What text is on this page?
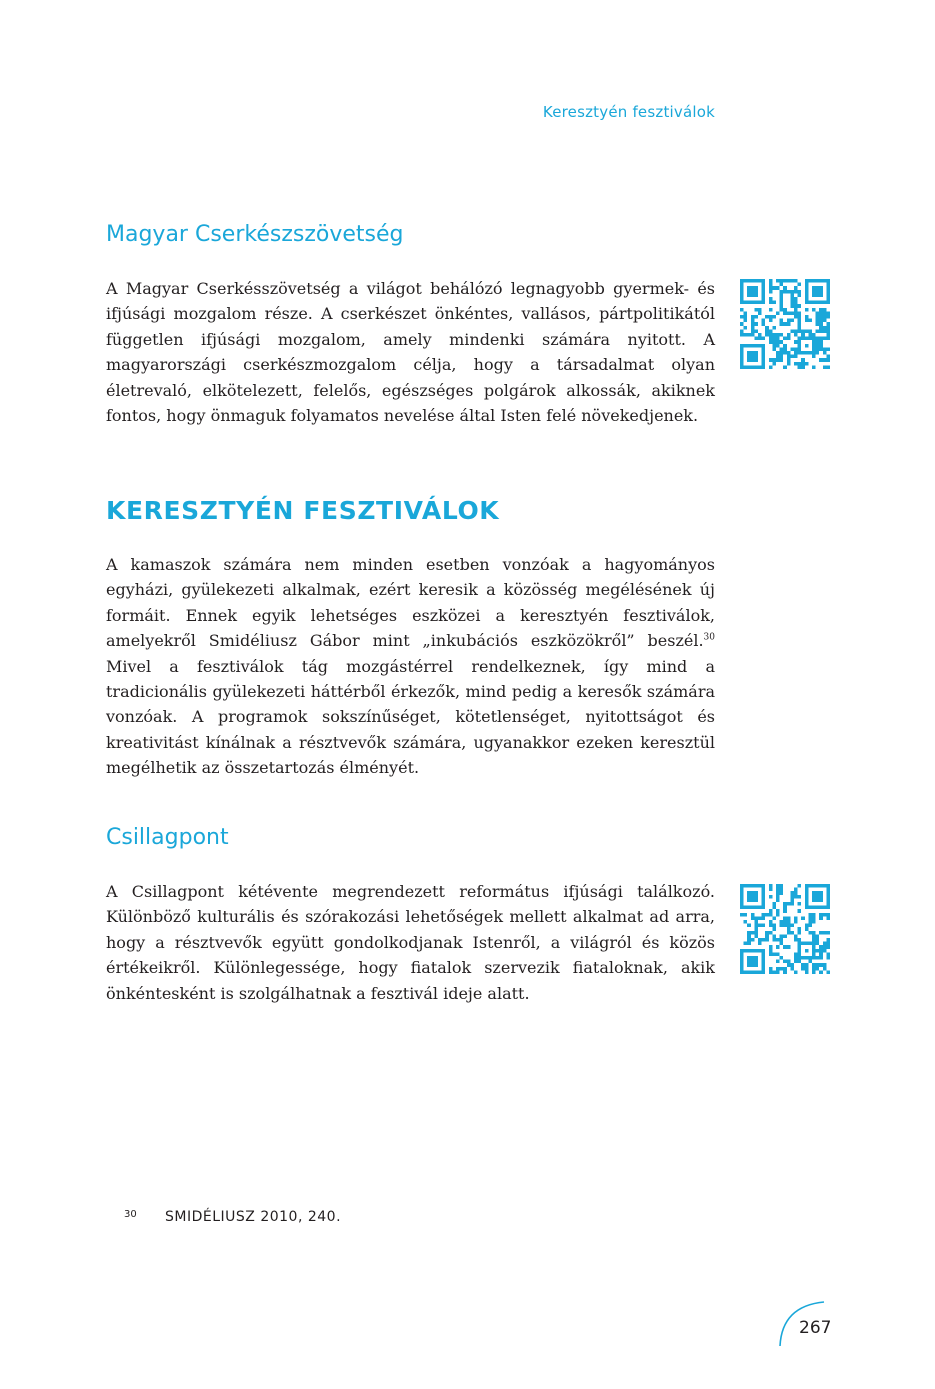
Keresztyén fesztiválok
Magyar Cserkészszövetség

A Magyar Cserkésszövetség a világot behálózó legnagyobb gyermek- és ifjúsági mozgalom része. A cserkészet önkéntes, vallásos, pártpolitikától független ifjúsági mozgalom, amely mindenki számára nyitott. A magyarországi cserkészmozgalom célja, hogy a társadalmat olyan életrevaló, elkötelezett, felelős, egészséges polgárok alkossák, akiknek fontos, hogy önmaguk folyamatos nevelése által Isten felé növekedjenek.

KERESZTYÉN FESZTIVÁLOK

A kamaszok számára nem minden esetben vonzóak a hagyományos egyházi, gyülekezeti alkalmak, ezért keresik a közösség megélésének új formáit. Ennek egyik lehetséges eszközei a keresztyén fesztiválok, amelyekről Smidéliusz Gábor mint „inkubációs eszközökről” beszél.$^{30}$ Mivel a fesztiválok tág mozgástérrel rendelkeznek, így mind a tradicionális gyülekezeti háttérből érkezők, mind pedig a keresők számára vonzóak. A programok sokszínűséget, kötetlenséget, nyitottságot és kreativitást kínálnak a résztvevők számára, ugyanakkor ezeken keresztül megélhetik az összetartozás élményét.

Csillagpont

A Csillagpont kétévente megrendezett református ifjúsági találkozó. Különböző kulturális és szórakozási lehetőségek mellett alkalmat ad arra, hogy a résztvevők együtt gondolkodjanak Istenről, a világról és közös értékeikről. Különlegessége, hogy fiatalok szervezik fiataloknak, akik önkéntesként is szolgálhatnak a fesztivál ideje alatt.

30 SMIDÉLIUSZ 2010, 240.
267
